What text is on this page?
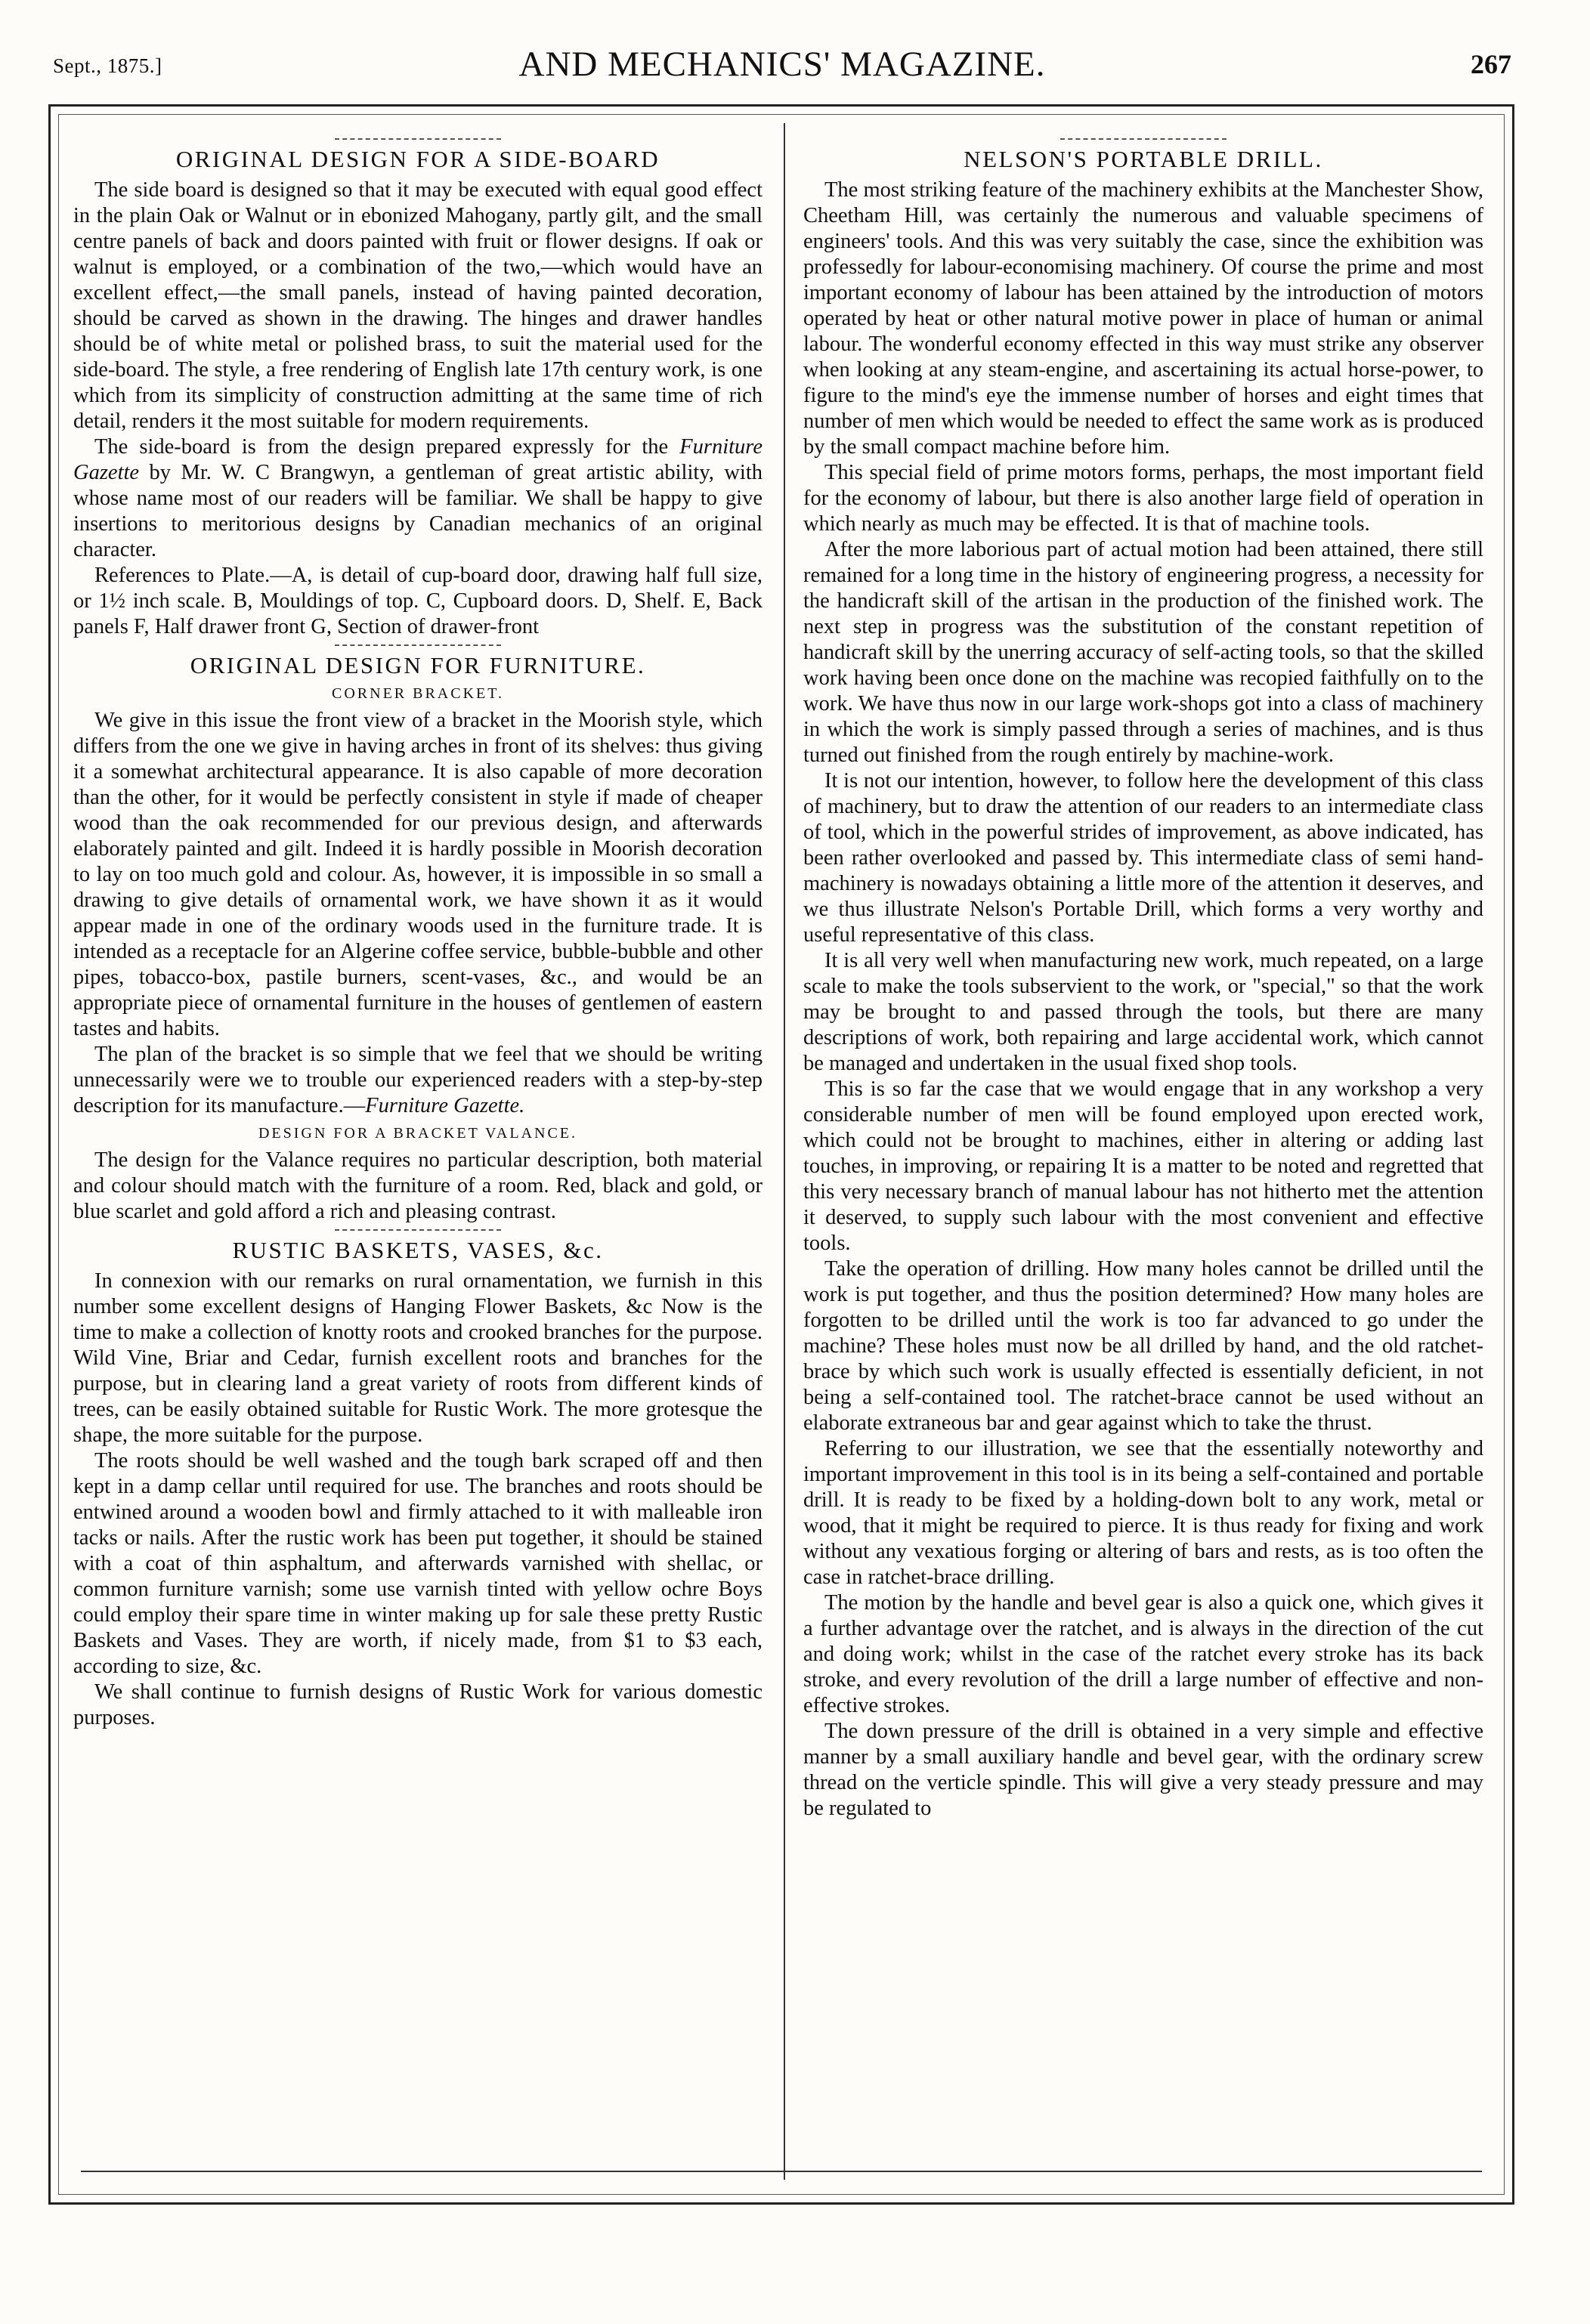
Sept., 1875.]	AND MECHANICS' MAGAZINE.	267
ORIGINAL DESIGN FOR A SIDE-BOARD

The side board is designed so that it may be executed with equal good effect in the plain Oak or Walnut or in ebonized Mahogany, partly gilt, and the small centre panels of back and doors painted with fruit or flower designs. If oak or walnut is employed, or a combination of the two,—which would have an excellent effect,—the small panels, instead of having painted decoration, should be carved as shown in the drawing. The hinges and drawer handles should be of white metal or polished brass, to suit the material used for the side-board. The style, a free rendering of English late 17th century work, is one which from its simplicity of construction admitting at the same time of rich detail, renders it the most suitable for modern requirements.

The side-board is from the design prepared expressly for the Furniture Gazette by Mr. W. C Brangwyn, a gentleman of great artistic ability, with whose name most of our readers will be familiar. We shall be happy to give insertions to meritorious designs by Canadian mechanics of an original character.

References to Plate.—A, is detail of cup-board door, drawing half full size, or 1½ inch scale. B, Mouldings of top. C, Cupboard doors. D, Shelf. E, Back panels F, Half drawer front G, Section of drawer-front

ORIGINAL DESIGN FOR FURNITURE.
CORNER BRACKET.

We give in this issue the front view of a bracket in the Moorish style, which differs from the one we give in having arches in front of its shelves: thus giving it a somewhat architectural appearance. It is also capable of more decoration than the other, for it would be perfectly consistent in style if made of cheaper wood than the oak recommended for our previous design, and afterwards elaborately painted and gilt. Indeed it is hardly possible in Moorish decoration to lay on too much gold and colour. As, however, it is impossible in so small a drawing to give details of ornamental work, we have shown it as it would appear made in one of the ordinary woods used in the furniture trade. It is intended as a receptacle for an Algerine coffee service, bubble-bubble and other pipes, tobacco-box, pastile burners, scent-vases, &c., and would be an appropriate piece of ornamental furniture in the houses of gentlemen of eastern tastes and habits.

The plan of the bracket is so simple that we feel that we should be writing unnecessarily were we to trouble our experienced readers with a step-by-step description for its manufacture.—Furniture Gazette.

DESIGN FOR A BRACKET VALANCE.

The design for the Valance requires no particular description, both material and colour should match with the furniture of a room. Red, black and gold, or blue scarlet and gold afford a rich and pleasing contrast.

RUSTIC BASKETS, VASES, &c.

In connexion with our remarks on rural ornamentation, we furnish in this number some excellent designs of Hanging Flower Baskets, &c Now is the time to make a collection of knotty roots and crooked branches for the purpose. Wild Vine, Briar and Cedar, furnish excellent roots and branches for the purpose, but in clearing land a great variety of roots from different kinds of trees, can be easily obtained suitable for Rustic Work. The more grotesque the shape, the more suitable for the purpose.

The roots should be well washed and the tough bark scraped off and then kept in a damp cellar until required for use. The branches and roots should be entwined around a wooden bowl and firmly attached to it with malleable iron tacks or nails. After the rustic work has been put together, it should be stained with a coat of thin asphaltum, and afterwards varnished with shellac, or common furniture varnish; some use varnish tinted with yellow ochre Boys could employ their spare time in winter making up for sale these pretty Rustic Baskets and Vases. They are worth, if nicely made, from $1 to $3 each, according to size, &c.

We shall continue to furnish designs of Rustic Work for various domestic purposes.

NELSON'S PORTABLE DRILL.

The most striking feature of the machinery exhibits at the Manchester Show, Cheetham Hill, was certainly the numerous and valuable specimens of engineers' tools. And this was very suitably the case, since the exhibition was professedly for labour-economising machinery. Of course the prime and most important economy of labour has been attained by the introduction of motors operated by heat or other natural motive power in place of human or animal labour. The wonderful economy effected in this way must strike any observer when looking at any steam-engine, and ascertaining its actual horse-power, to figure to the mind's eye the immense number of horses and eight times that number of men which would be needed to effect the same work as is produced by the small compact machine before him.

This special field of prime motors forms, perhaps, the most important field for the economy of labour, but there is also another large field of operation in which nearly as much may be effected. It is that of machine tools.

After the more laborious part of actual motion had been attained, there still remained for a long time in the history of engineering progress, a necessity for the handicraft skill of the artisan in the production of the finished work. The next step in progress was the substitution of the constant repetition of handicraft skill by the unerring accuracy of self-acting tools, so that the skilled work having been once done on the machine was recopied faithfully on to the work. We have thus now in our large work-shops got into a class of machinery in which the work is simply passed through a series of machines, and is thus turned out finished from the rough entirely by machine-work.

It is not our intention, however, to follow here the development of this class of machinery, but to draw the attention of our readers to an intermediate class of tool, which in the powerful strides of improvement, as above indicated, has been rather overlooked and passed by. This intermediate class of semi hand-machinery is nowadays obtaining a little more of the attention it deserves, and we thus illustrate Nelson's Portable Drill, which forms a very worthy and useful representative of this class.

It is all very well when manufacturing new work, much repeated, on a large scale to make the tools subservient to the work, or "special," so that the work may be brought to and passed through the tools, but there are many descriptions of work, both repairing and large accidental work, which cannot be managed and undertaken in the usual fixed shop tools.

This is so far the case that we would engage that in any workshop a very considerable number of men will be found employed upon erected work, which could not be brought to machines, either in altering or adding last touches, in improving, or repairing It is a matter to be noted and regretted that this very necessary branch of manual labour has not hitherto met the attention it deserved, to supply such labour with the most convenient and effective tools.

Take the operation of drilling. How many holes cannot be drilled until the work is put together, and thus the position determined? How many holes are forgotten to be drilled until the work is too far advanced to go under the machine? These holes must now be all drilled by hand, and the old ratchet-brace by which such work is usually effected is essentially deficient, in not being a self-contained tool. The ratchet-brace cannot be used without an elaborate extraneous bar and gear against which to take the thrust.

Referring to our illustration, we see that the essentially noteworthy and important improvement in this tool is in its being a self-contained and portable drill. It is ready to be fixed by a holding-down bolt to any work, metal or wood, that it might be required to pierce. It is thus ready for fixing and work without any vexatious forging or altering of bars and rests, as is too often the case in ratchet-brace drilling.

The motion by the handle and bevel gear is also a quick one, which gives it a further advantage over the ratchet, and is always in the direction of the cut and doing work; whilst in the case of the ratchet every stroke has its back stroke, and every revolution of the drill a large number of effective and non-effective strokes.

The down pressure of the drill is obtained in a very simple and effective manner by a small auxiliary handle and bevel gear, with the ordinary screw thread on the verticle spindle. This will give a very steady pressure and may be regulated to
